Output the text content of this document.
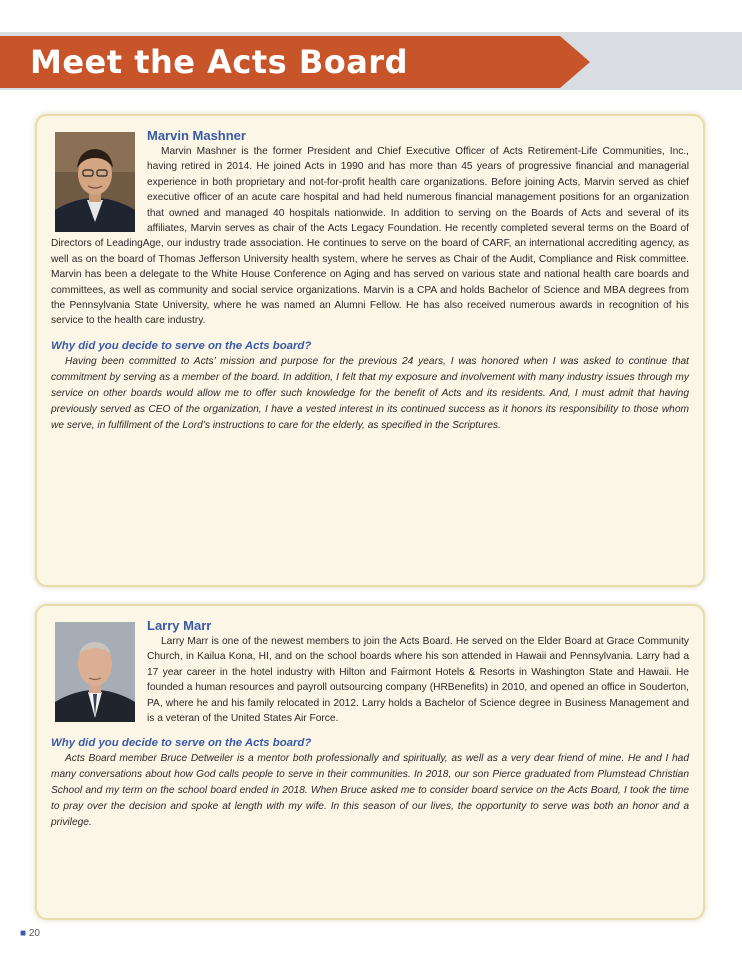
Meet the Acts Board
Marvin Mashner

Marvin Mashner is the former President and Chief Executive Officer of Acts Retirement-Life Communities, Inc., having retired in 2014. He joined Acts in 1990 and has more than 45 years of progressive financial and managerial experience in both proprietary and not-for-profit health care organizations. Before joining Acts, Marvin served as chief executive officer of an acute care hospital and had held numerous financial management positions for an organization that owned and managed 40 hospitals nationwide. In addition to serving on the Boards of Acts and several of its affiliates, Marvin serves as chair of the Acts Legacy Foundation. He recently completed several terms on the Board of Directors of LeadingAge, our industry trade association. He continues to serve on the board of CARF, an international accrediting agency, as well as on the board of Thomas Jefferson University health system, where he serves as Chair of the Audit, Compliance and Risk committee. Marvin has been a delegate to the White House Conference on Aging and has served on various state and national health care boards and committees, as well as community and social service organizations. Marvin is a CPA and holds Bachelor of Science and MBA degrees from the Pennsylvania State University, where he was named an Alumni Fellow. He has also received numerous awards in recognition of his service to the health care industry.

Why did you decide to serve on the Acts board?

Having been committed to Acts’ mission and purpose for the previous 24 years, I was honored when I was asked to continue that commitment by serving as a member of the board. In addition, I felt that my exposure and involvement with many industry issues through my service on other boards would allow me to offer such knowledge for the benefit of Acts and its residents. And, I must admit that having previously served as CEO of the organization, I have a vested interest in its continued success as it honors its responsibility to those whom we serve, in fulfillment of the Lord’s instructions to care for the elderly, as specified in the Scriptures.

Larry Marr

Larry Marr is one of the newest members to join the Acts Board. He served on the Elder Board at Grace Community Church, in Kailua Kona, HI, and on the school boards where his son attended in Hawaii and Pennsylvania. Larry had a 17 year career in the hotel industry with Hilton and Fairmont Hotels & Resorts in Washington State and Hawaii. He founded a human resources and payroll outsourcing company (HRBenefits) in 2010, and opened an office in Souderton, PA, where he and his family relocated in 2012. Larry holds a Bachelor of Science degree in Business Management and is a veteran of the United States Air Force.

Why did you decide to serve on the Acts board?

Acts Board member Bruce Detweiler is a mentor both professionally and spiritually, as well as a very dear friend of mine. He and I had many conversations about how God calls people to serve in their communities. In 2018, our son Pierce graduated from Plumstead Christian School and my term on the school board ended in 2018. When Bruce asked me to consider board service on the Acts Board, I took the time to pray over the decision and spoke at length with my wife. In this season of our lives, the opportunity to serve was both an honor and a privilege.

■ 20
